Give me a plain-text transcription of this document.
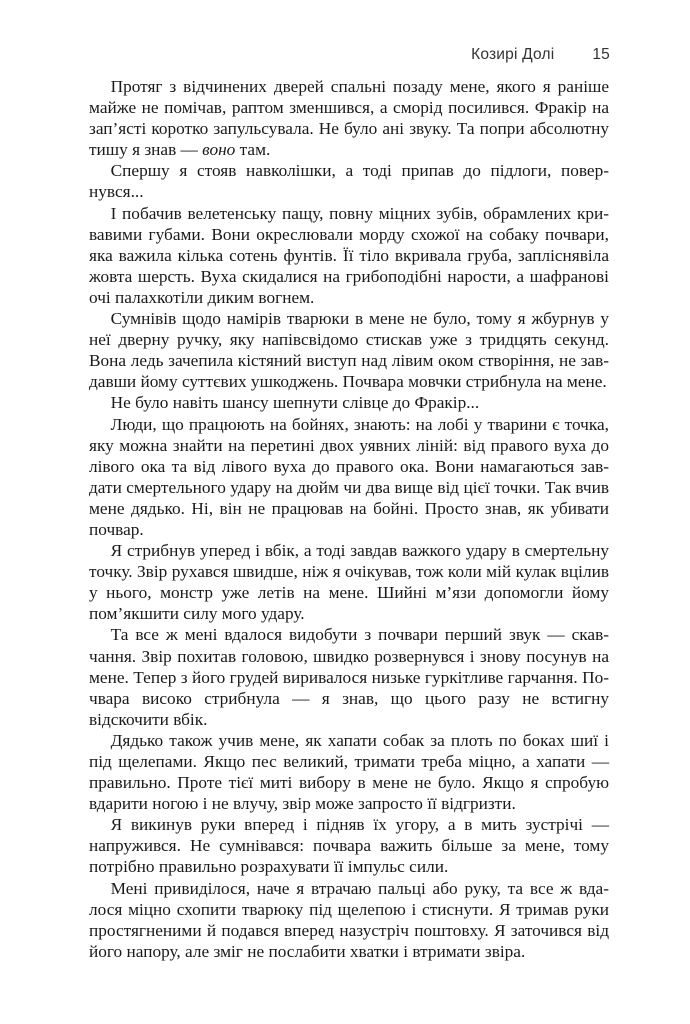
Козирі Долі 15

Протяг з відчинених дверей спальні позаду мене, якого я раніше майже не помічав, раптом зменшився, а сморід посилився. Фракір на зап’ясті коротко запульсувала. Не було ані звуку. Та попри абсолютну тишу я знав — воно там.

Спершу я стояв навколішки, а тоді припав до підлоги, повернувся...

І побачив велетенську пащу, повну міцних зубів, обрамлених кривавими губами. Вони окреслювали морду схожої на собаку почвари, яка важила кілька сотень фунтів. Її тіло вкривала груба, запліснявіла жовта шерсть. Вуха скидалися на грибоподібні нарости, а шафранові очі палахкотіли диким вогнем.

Сумнівів щодо намірів тварюки в мене не було, тому я жбурнув у неї дверну ручку, яку напівсвідомо стискав уже з тридцять секунд. Вона ледь зачепила кістяний виступ над лівим оком створіння, не завдавши йому суттєвих ушкоджень. Почвара мовчки стрибнула на мене.

Не було навіть шансу шепнути слівце до Фракір...

Люди, що працюють на бойнях, знають: на лобі у тварини є точка, яку можна знайти на перетині двох уявних ліній: від правого вуха до лівого ока та від лівого вуха до правого ока. Вони намагаються завдати смертельного удару на дюйм чи два вище від цієї точки. Так вчив мене дядько. Ні, він не працював на бойні. Просто знав, як убивати почвар.

Я стрибнув уперед і вбік, а тоді завдав важкого удару в смертельну точку. Звір рухався швидше, ніж я очікував, тож коли мій кулак вцілив у нього, монстр уже летів на мене. Шийні м’язи допомогли йому пом’якшити силу мого удару.

Та все ж мені вдалося видобути з почвари перший звук — скавчання. Звір похитав головою, швидко розвернувся і знову посунув на мене. Тепер з його грудей виривалося низьке гуркітливе гарчання. Почвара високо стрибнула — я знав, що цього разу не встигну відскочити вбік.

Дядько також учив мене, як хапати собак за плоть по боках шиї і під щелепами. Якщо пес великий, тримати треба міцно, а хапати — правильно. Проте тієї миті вибору в мене не було. Якщо я спробую вдарити ногою і не влучу, звір може запросто її відгризти.

Я викинув руки вперед і підняв їх угору, а в мить зустрічі — напружився. Не сумнівався: почвара важить більше за мене, тому потрібно правильно розрахувати її імпульс сили.

Мені привиділося, наче я втрачаю пальці або руку, та все ж вдалося міцно схопити тварюку під щелепою і стиснути. Я тримав руки простягненими й подався вперед назустріч поштовху. Я заточився від його напору, але зміг не послабити хватки і втримати звіра.
